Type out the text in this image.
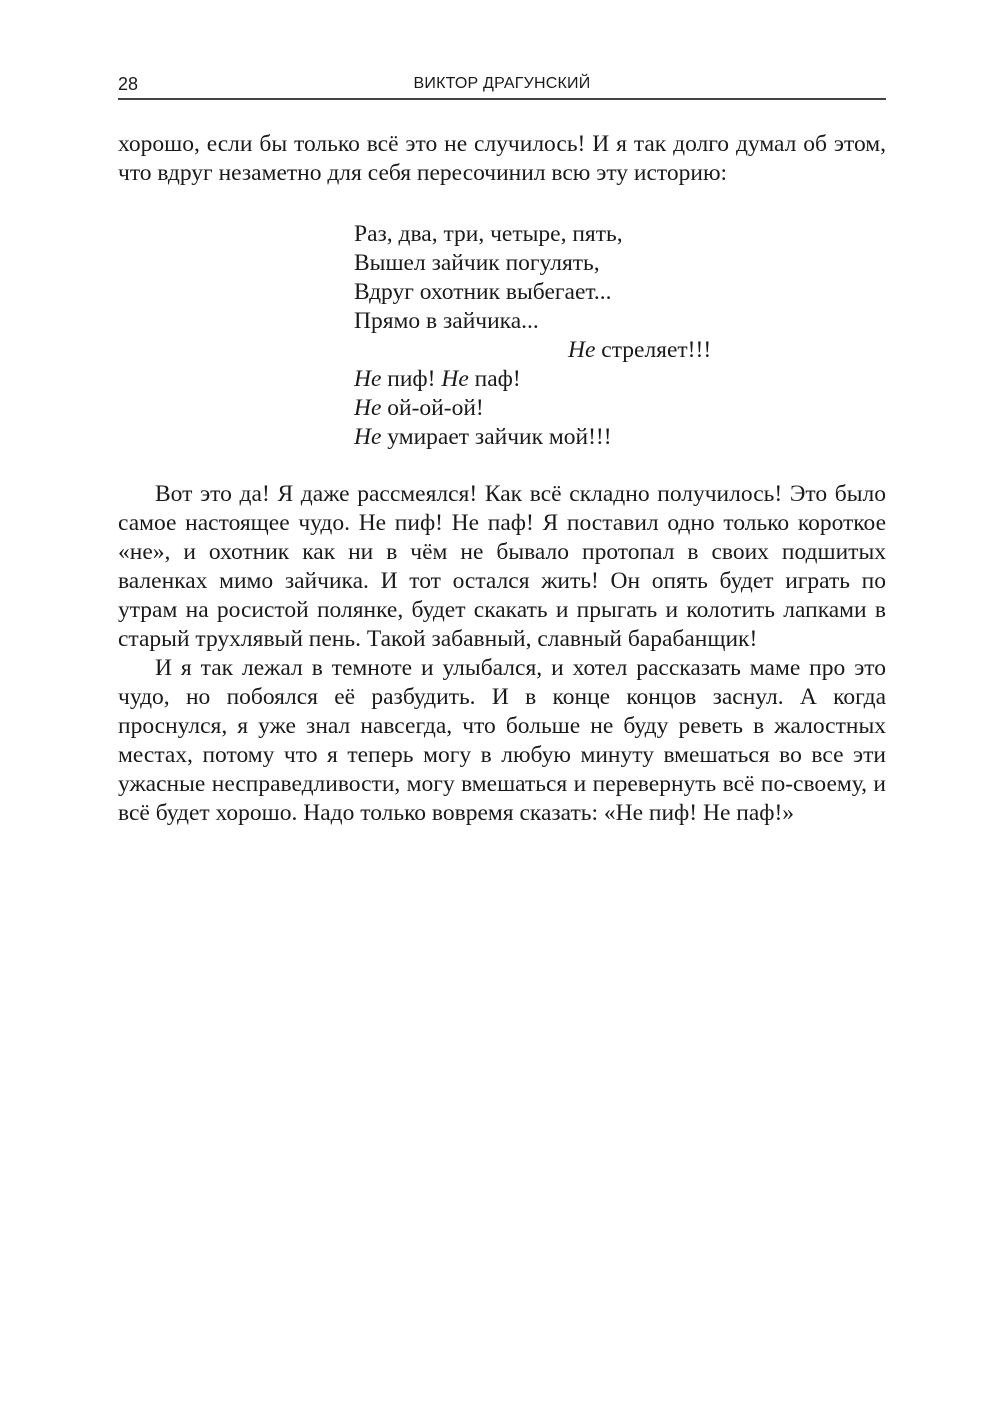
28	ВИКТОР ДРАГУНСКИЙ

хорошо, если бы только всё это не случилось! И я так долго думал об этом, что вдруг незаметно для себя пересочинил всю эту историю:

Раз, два, три, четыре, пять,
Вышел зайчик погулять,
Вдруг охотник выбегает...
Прямо в зайчика...
Не стреляет!!!
Не пиф! Не паф!
Не ой-ой-ой!
Не умирает зайчик мой!!!

Вот это да! Я даже рассмеялся! Как всё складно получилось! Это было самое настоящее чудо. Не пиф! Не паф! Я поставил одно только короткое «не», и охотник как ни в чём не бывало протопал в своих подшитых валенках мимо зайчика. И тот остался жить! Он опять будет играть по утрам на росистой полянке, будет скакать и прыгать и колотить лапками в старый трухлявый пень. Такой забавный, славный барабанщик!

И я так лежал в темноте и улыбался, и хотел рассказать маме про это чудо, но побоялся её разбудить. И в конце концов заснул. А когда проснулся, я уже знал навсегда, что больше не буду реветь в жалостных местах, потому что я теперь могу в любую минуту вмешаться во все эти ужасные несправедливости, могу вмешаться и перевернуть всё по-своему, и всё будет хорошо. Надо только вовремя сказать: «Не пиф! Не паф!»
